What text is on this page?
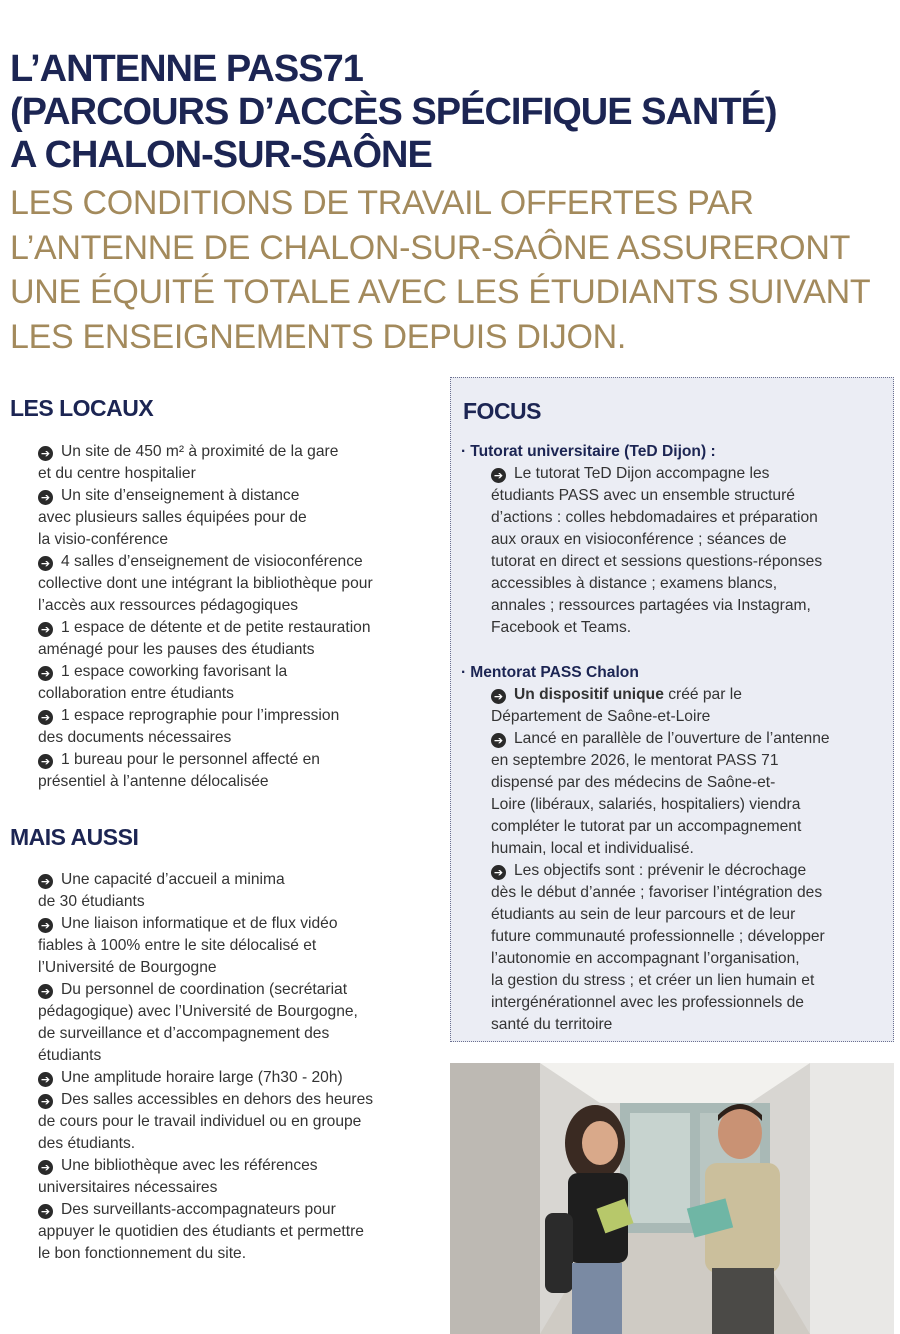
L’ANTENNE PASS71
(PARCOURS D’ACCÈS SPÉCIFIQUE SANTÉ)
A CHALON-SUR-SAÔNE
LES CONDITIONS DE TRAVAIL OFFERTES PAR
L’ANTENNE DE CHALON-SUR-SAÔNE ASSURERONT
UNE ÉQUITÉ TOTALE AVEC LES ÉTUDIANTS SUIVANT
LES ENSEIGNEMENTS DEPUIS DIJON.
LES LOCAUX
➔ Un site de 450 m² à proximité de la gare
et du centre hospitalier
➔ Un site d’enseignement à distance
avec plusieurs salles équipées pour de
la visio-conférence
➔ 4 salles d’enseignement de visioconférence
collective dont une intégrant la bibliothèque pour
l’accès aux ressources pédagogiques
➔ 1 espace de détente et de petite restauration
aménagé pour les pauses des étudiants
➔ 1 espace coworking favorisant la
collaboration entre étudiants
➔ 1 espace reprographie pour l’impression
des documents nécessaires
➔ 1 bureau pour le personnel affecté en
présentiel à l’antenne délocalisée
MAIS AUSSI
➔ Une capacité d’accueil a minima
de 30 étudiants
➔ Une liaison informatique et de flux vidéo
fiables à 100% entre le site délocalisé et
l’Université de Bourgogne
➔ Du personnel de coordination (secrétariat
pédagogique) avec l’Université de Bourgogne,
de surveillance et d’accompagnement des
étudiants
➔ Une amplitude horaire large (7h30 - 20h)
➔ Des salles accessibles en dehors des heures
de cours pour le travail individuel ou en groupe
des étudiants.
➔ Une bibliothèque avec les références
universitaires nécessaires
➔ Des surveillants-accompagnateurs pour
appuyer le quotidien des étudiants et permettre
le bon fonctionnement du site.
FOCUS
· Tutorat universitaire (TeD Dijon) :
➔ Le tutorat TeD Dijon accompagne les
étudiants PASS avec un ensemble structuré
d’actions : colles hebdomadaires et préparation
aux oraux en visioconférence ; séances de
tutorat en direct et sessions questions-réponses
accessibles à distance ; examens blancs,
annales ; ressources partagées via Instagram,
Facebook et Teams.
· Mentorat PASS Chalon
➔ Un dispositif unique créé par le
Département de Saône-et-Loire
➔ Lancé en parallèle de l’ouverture de l’antenne
en septembre 2026, le mentorat PASS 71
dispensé par des médecins de Saône-et-
Loire (libéraux, salariés, hospitaliers) viendra
compléter le tutorat par un accompagnement
humain, local et individualisé.
➔ Les objectifs sont : prévenir le décrochage
dès le début d’année ; favoriser l’intégration des
étudiants au sein de leur parcours et de leur
future communauté professionnelle ; développer
l’autonomie en accompagnant l’organisation,
la gestion du stress ; et créer un lien humain et
intergénérationnel avec les professionnels de
santé du territoire
